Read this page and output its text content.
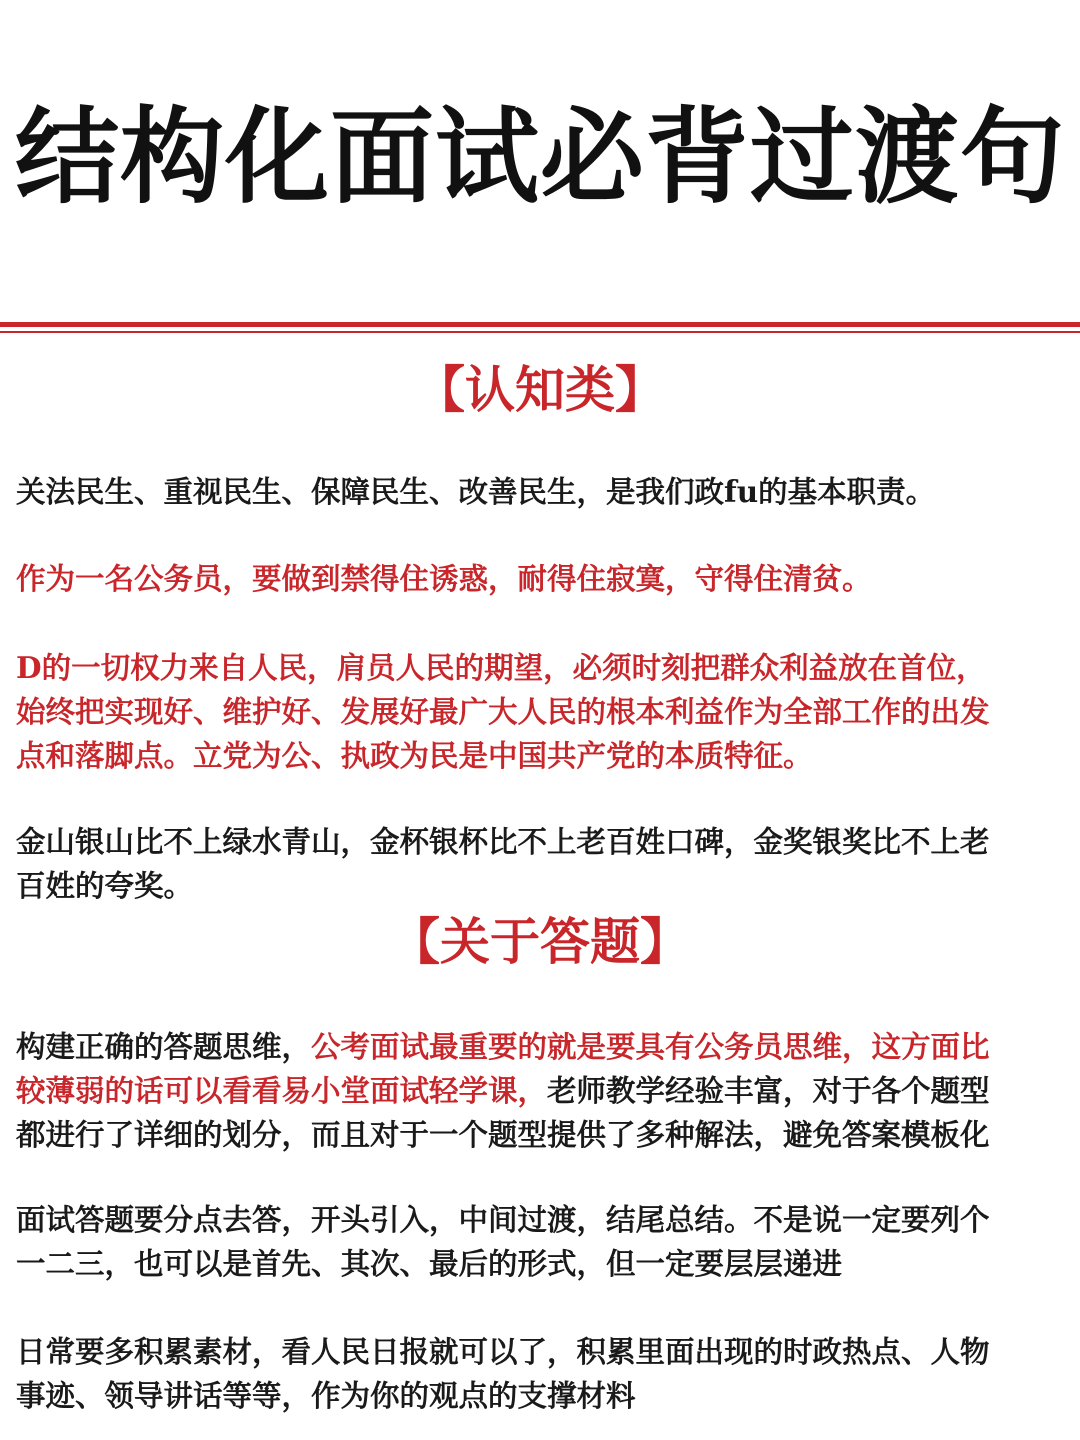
结构化面试必背过渡句
【认知类】

关法民生、重视民生、保障民生、改善民生，是我们政fu的基本职责。

作为一名公务员，要做到禁得住诱惑，耐得住寂寞，守得住清贫。

D的一切权力来自人民，肩员人民的期望，必须时刻把群众利益放在首位，
始终把实现好、维护好、发展好最广大人民的根本利益作为全部工作的出发
点和落脚点。立党为公、执政为民是中国共产党的本质特征。

金山银山比不上绿水青山，金杯银杯比不上老百姓口碑，金奖银奖比不上老
百姓的夸奖。

【关于答题】

构建正确的答题思维，公考面试最重要的就是要具有公务员思维，这方面比
较薄弱的话可以看看易小堂面试轻学课，老师教学经验丰富，对于各个题型
都进行了详细的划分，而且对于一个题型提供了多种解法，避免答案模板化

面试答题要分点去答，开头引入，中间过渡，结尾总结。不是说一定要列个
一二三，也可以是首先、其次、最后的形式，但一定要层层递进

日常要多积累素材，看人民日报就可以了，积累里面出现的时政热点、人物
事迹、领导讲话等等，作为你的观点的支撑材料
